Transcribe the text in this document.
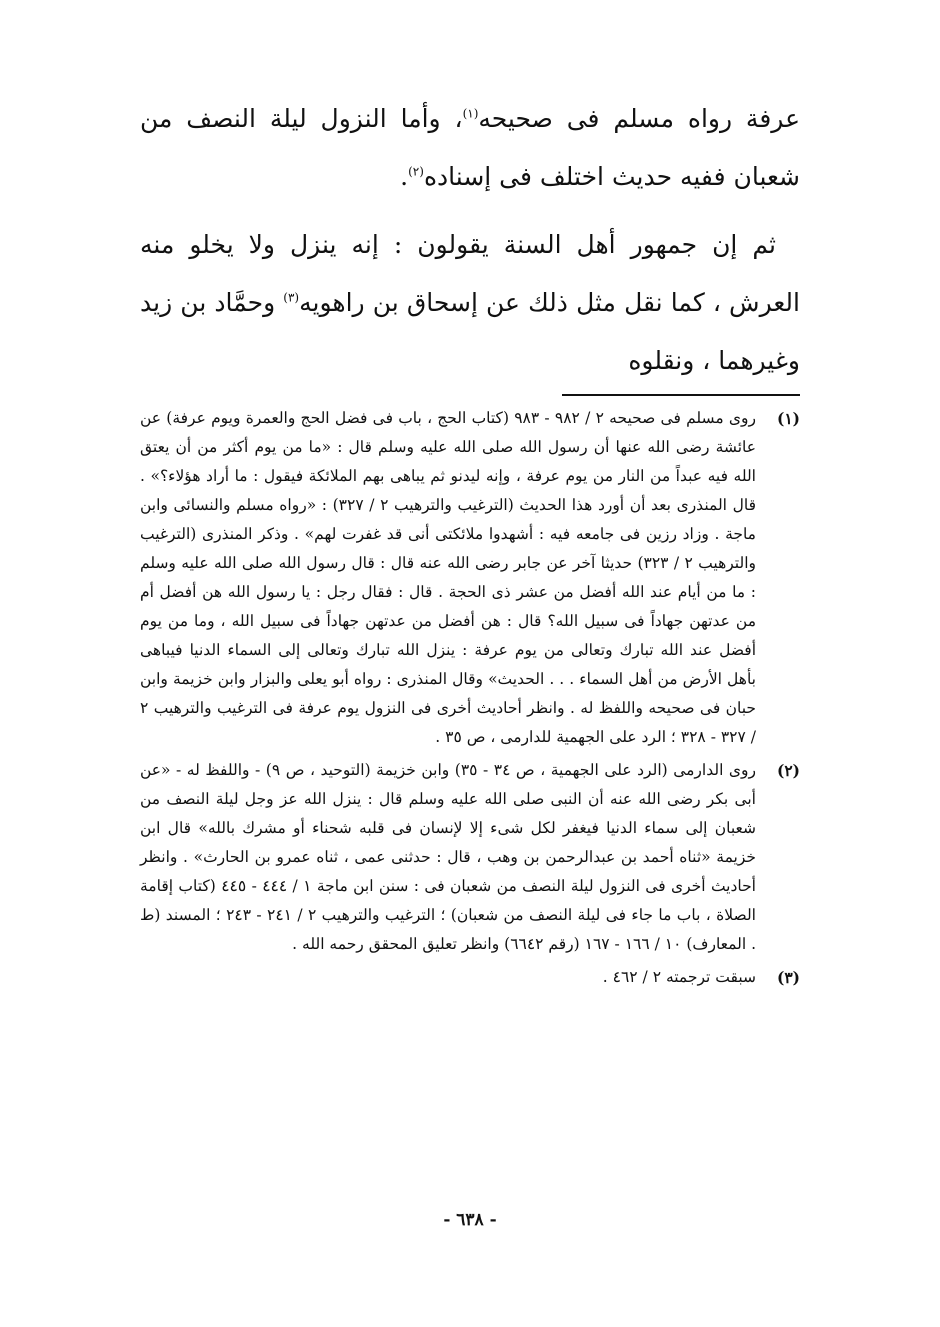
عرفة رواه مسلم فى صحيحه$^{(١)}$، وأما النزول ليلة النصف من شعبان ففيه حديث اختلف فى إسناده$^{(٢)}$.

ثم إن جمهور أهل السنة يقولون : إنه ينزل ولا يخلو منه العرش ، كما نقل مثل ذلك عن إسحاق بن راهويه$^{(٣)}$ وحمَّاد بن زيد وغيرهما ، ونقلوه

(١)
روى مسلم فى صحيحه ٢ / ٩٨٢ - ٩٨٣ (كتاب الحج ، باب فى فضل الحج والعمرة ويوم عرفة) عن عائشة رضى الله عنها أن رسول الله صلى الله عليه وسلم قال : «ما من يوم أكثر من أن يعتق الله فيه عبداً من النار من يوم عرفة ، وإنه ليدنو ثم يباهى بهم الملائكة فيقول : ما أراد هؤلاء؟» . قال المنذرى بعد أن أورد هذا الحديث (الترغيب والترهيب ٢ / ٣٢٧) : «رواه مسلم والنسائى وابن ماجة . وزاد رزين فى جامعه فيه : أشهدوا ملائكتى أنى قد غفرت لهم» . وذكر المنذرى (الترغيب والترهيب ٢ / ٣٢٣) حديثا آخر عن جابر رضى الله عنه قال : قال رسول الله صلى الله عليه وسلم : ما من أيام عند الله أفضل من عشر ذى الحجة . قال : فقال رجل : يا رسول الله هن أفضل أم من عدتهن جهاداً فى سبيل الله؟ قال : هن أفضل من عدتهن جهاداً فى سبيل الله ، وما من يوم أفضل عند الله تبارك وتعالى من يوم عرفة : ينزل الله تبارك وتعالى إلى السماء الدنيا فيباهى بأهل الأرض من أهل السماء . . . الحديث» وقال المنذرى : رواه أبو يعلى والبزار وابن خزيمة وابن حبان فى صحيحه واللفظ له . وانظر أحاديث أخرى فى النزول يوم عرفة فى الترغيب والترهيب ٢ / ٣٢٧ - ٣٢٨ ؛ الرد على الجهمية للدارمى ، ص ٣٥ .
(٢)
روى الدارمى (الرد على الجهمية ، ص ٣٤ - ٣٥) وابن خزيمة (التوحيد ، ص ٩) - واللفظ له - «عن أبى بكر رضى الله عنه أن النبى صلى الله عليه وسلم قال : ينزل الله عز وجل ليلة النصف من شعبان إلى سماء الدنيا فيغفر لكل شىء إلا لإنسان فى قلبه شحناء أو مشرك بالله» قال ابن خزيمة «ثناه أحمد بن عبدالرحمن بن وهب ، قال : حدثنى عمى ، ثناه عمرو بن الحارث» . وانظر أحاديث أخرى فى النزول ليلة النصف من شعبان فى : سنن ابن ماجة ١ / ٤٤٤ - ٤٤٥ (كتاب إقامة الصلاة ، باب ما جاء فى ليلة النصف من شعبان) ؛ الترغيب والترهيب ٢ / ٢٤١ - ٢٤٣ ؛ المسند (ط . المعارف) ١٠ / ١٦٦ - ١٦٧ (رقم ٦٦٤٢) وانظر تعليق المحقق رحمه الله .
(٣)
سبقت ترجمته ٢ / ٤٦٢ .
- ٦٣٨ -
